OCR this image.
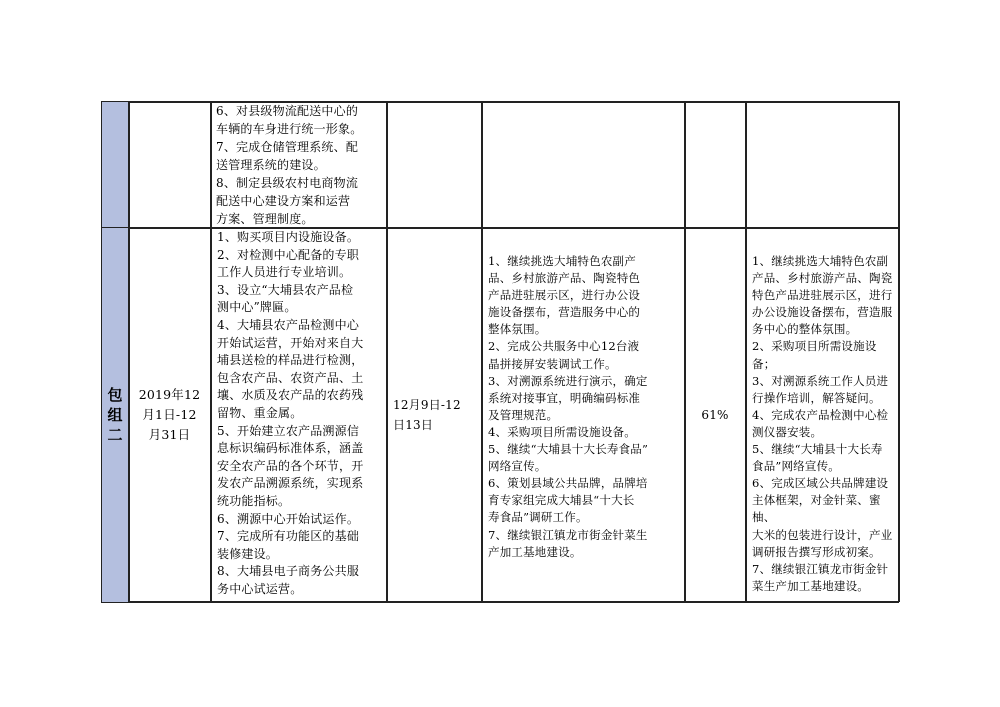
6、对县级物流配送中心的
车辆的车身进行统一形象。
7、完成仓储管理系统、配
送管理系统的建设。
8、制定县级农村电商物流
配送中心建设方案和运营
方案、管理制度。
包组
二
2019年12
月1日-12
月31日
1、购买项目内设施设备。
2、对检测中心配备的专职
工作人员进行专业培训。
3、设立“大埔县农产品检
测中心”牌匾。
4、大埔县农产品检测中心
开始试运营，开始对来自大
埔县送检的样品进行检测，
包含农产品、农资产品、土
壤、水质及农产品的农药残
留物、重金属。
5、开始建立农产品溯源信
息标识编码标准体系，涵盖
安全农产品的各个环节，开
发农产品溯源系统，实现系
统功能指标。
6、溯源中心开始试运作。
7、完成所有功能区的基础
装修建设。
8、大埔县电子商务公共服
务中心试运营。
12月9日-12
日13日
1、继续挑选大埔特色农副产
品、乡村旅游产品、陶瓷特色
产品进驻展示区，进行办公设
施设备摆布，营造服务中心的
整体氛围。
2、完成公共服务中心12台液
晶拼接屏安装调试工作。
3、对溯源系统进行演示，确定
系统对接事宜，明确编码标准
及管理规范。
4、采购项目所需设施设备。
5、继续“大埔县十大长寿食品”
网络宣传。
6、策划县域公共品牌，品牌培
育专家组完成大埔县“十大长
寿食品”调研工作。
7、继续银江镇龙市街金针菜生
产加工基地建设。
61%
1、继续挑选大埔特色农副
产品、乡村旅游产品、陶瓷
特色产品进驻展示区，进行
办公设施设备摆布，营造服
务中心的整体氛围。
2、采购项目所需设施设备；
3、对溯源系统工作人员进
行操作培训，解答疑问。
4、完成农产品检测中心检
测仪器安装。
5、继续“大埔县十大长寿
食品”网络宣传。
6、完成区域公共品牌建设
主体框架，对金针菜、蜜柚、
大米的包装进行设计，产业
调研报告撰写形成初案。
7、继续银江镇龙市街金针
菜生产加工基地建设。
